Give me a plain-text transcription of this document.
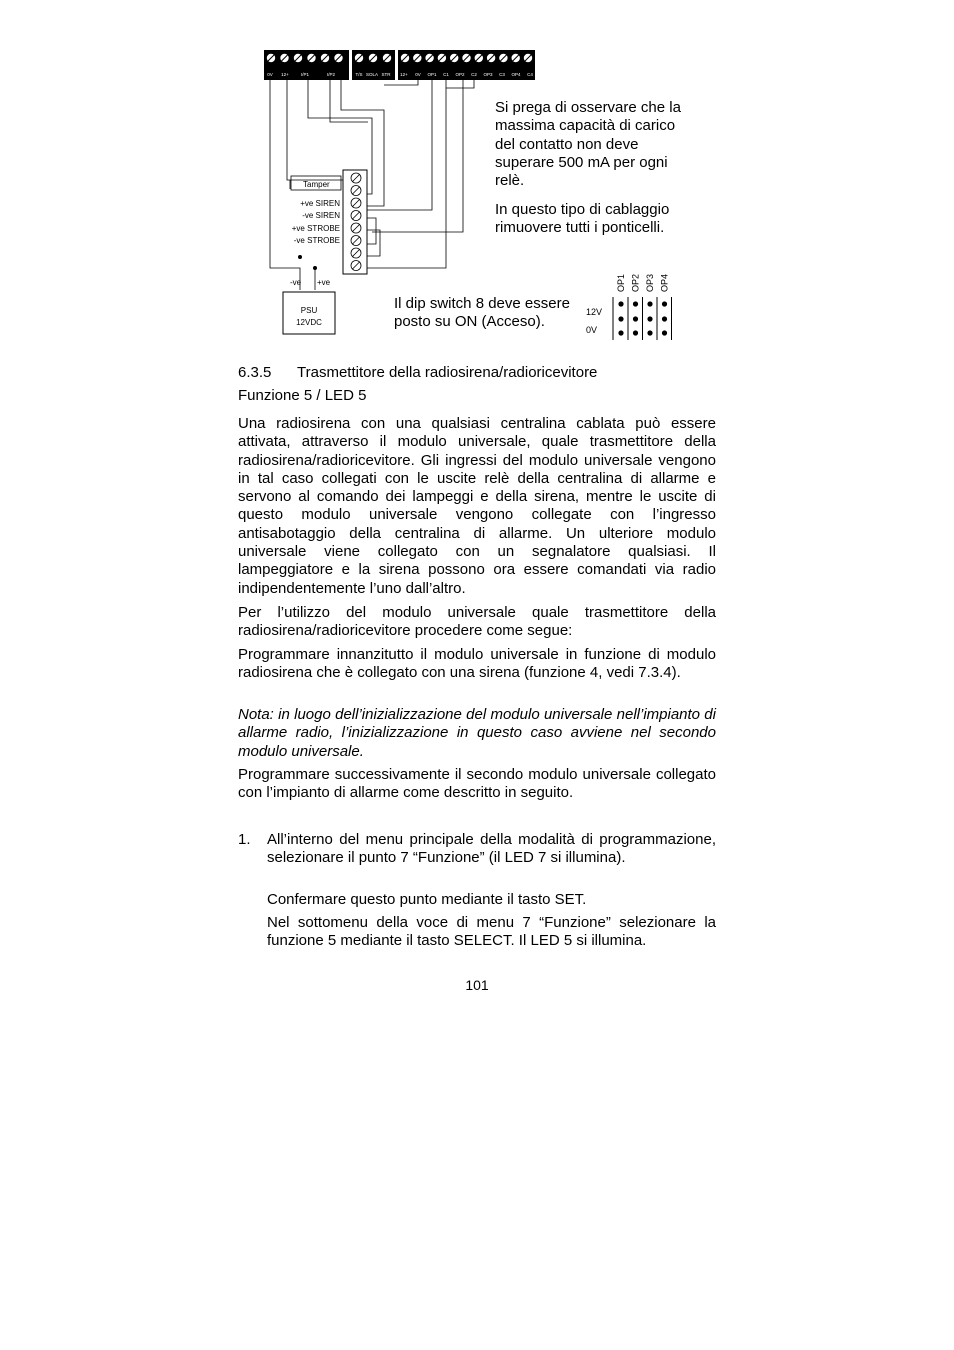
0V 12+	I/P1	I/P2	T/S SOLA STR 12+ 0V OP1 C1 OP2 C2 OP3 C3 OP4 C4
Tamper
+ve SIREN
-ve SIREN
+ve STROBE
-ve STROBE
PSU
12VDC
-ve +ve
12V
0V
OP1 OP2 OP3 OP4

Si prega di osservare che la massima capacità di carico del contatto non deve superare 500 mA per ogni relè.

In questo tipo di cablaggio rimuovere tutti i ponticelli.

Il dip switch 8 deve essere posto su ON (Acceso).

6.3.5 Trasmettitore della radiosirena/radioricevitore
Funzione 5 / LED 5
Una radiosirena con una qualsiasi centralina cablata può essere attivata, attraverso il modulo universale, quale trasmettitore della radiosirena/radioricevitore. Gli ingressi del modulo universale vengono in tal caso collegati con le uscite relè della centralina di allarme e servono al comando dei lampeggi e della sirena, mentre le uscite di questo modulo universale vengono collegate con l’ingresso antisabotaggio della centralina di allarme. Un ulteriore modulo universale viene collegato con un segnalatore qualsiasi. Il lampeggiatore e la sirena possono ora essere comandati via radio indipendentemente l’uno dall’altro.
Per l’utilizzo del modulo universale quale trasmettitore della radiosirena/radioricevitore procedere come segue:
Programmare innanzitutto il modulo universale in funzione di modulo radiosirena che è collegato con una sirena (funzione 4, vedi 7.3.4).
Nota: in luogo dell’inizializzazione del modulo universale nell’impianto di allarme radio, l’inizializzazione in questo caso avviene nel secondo modulo universale.
Programmare successivamente il secondo modulo universale collegato con l’impianto di allarme come descritto in seguito.
1. All’interno del menu principale della modalità di programmazione, selezionare il punto 7 “Funzione” (il LED 7 si illumina).
Confermare questo punto mediante il tasto SET.
Nel sottomenu della voce di menu 7 “Funzione” selezionare la funzione 5 mediante il tasto SELECT. Il LED 5 si illumina.
101
